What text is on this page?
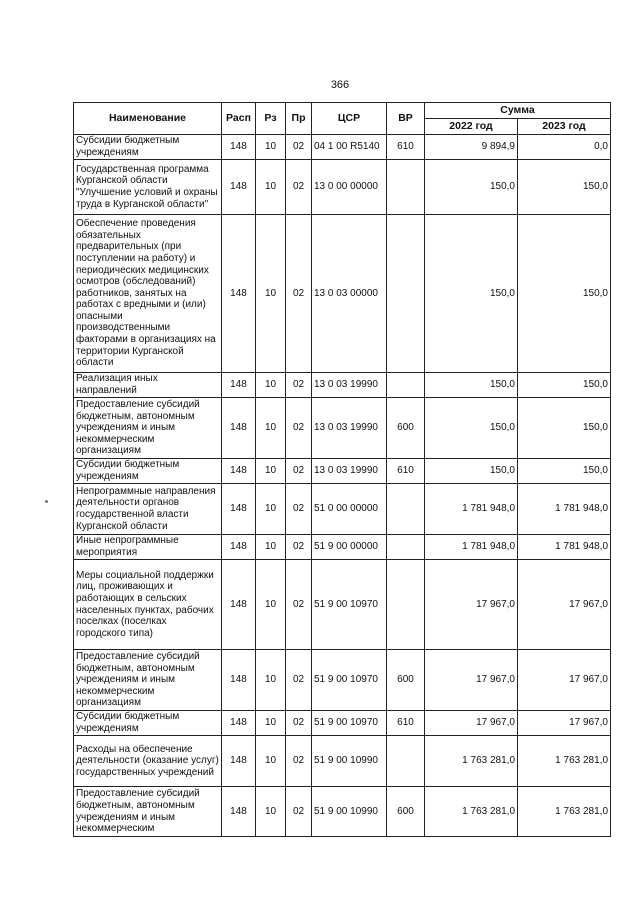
366
Наименование	Расп	Рз	Пр	ЦСР	ВР	Сумма	
						2022 год	2023 год
Субсидии бюджетным учреждениям	148	10	02	04 1 00 R5140	610	9 894,9	0,0
Государственная программа Курганской области "Улучшение условий и охраны труда в Курганской области"	148	10	02	13 0 00 00000		150,0	150,0
Обеспечение проведения обязательных предварительных (при поступлении на работу) и периодических медицинских осмотров (обследований) работников, занятых на работах с вредными и (или) опасными производственными факторами в организациях на территории Курганской области	148	10	02	13 0 03 00000		150,0	150,0
Реализация иных направлений	148	10	02	13 0 03 19990		150,0	150,0
Предоставление субсидий бюджетным, автономным учреждениям и иным некоммерческим организациям	148	10	02	13 0 03 19990	600	150,0	150,0
Субсидии бюджетным учреждениям	148	10	02	13 0 03 19990	610	150,0	150,0
Непрограммные направления деятельности органов государственной власти Курганской области	148	10	02	51 0 00 00000		1 781 948,0	1 781 948,0
Иные непрограммные мероприятия	148	10	02	51 9 00 00000		1 781 948,0	1 781 948,0
Меры социальной поддержки лиц, проживающих и работающих в сельских населенных пунктах, рабочих поселках (поселках городского типа)	148	10	02	51 9 00 10970		17 967,0	17 967,0
Предоставление субсидий бюджетным, автономным учреждениям и иным некоммерческим организациям	148	10	02	51 9 00 10970	600	17 967,0	17 967,0
Субсидии бюджетным учреждениям	148	10	02	51 9 00 10970	610	17 967,0	17 967,0
Расходы на обеспечение деятельности (оказание услуг) государственных учреждений	148	10	02	51 9 00 10990		1 763 281,0	1 763 281,0
Предоставление субсидий бюджетным, автономным учреждениям и иным некоммерческим	148	10	02	51 9 00 10990	600	1 763 281,0	1 763 281,0
